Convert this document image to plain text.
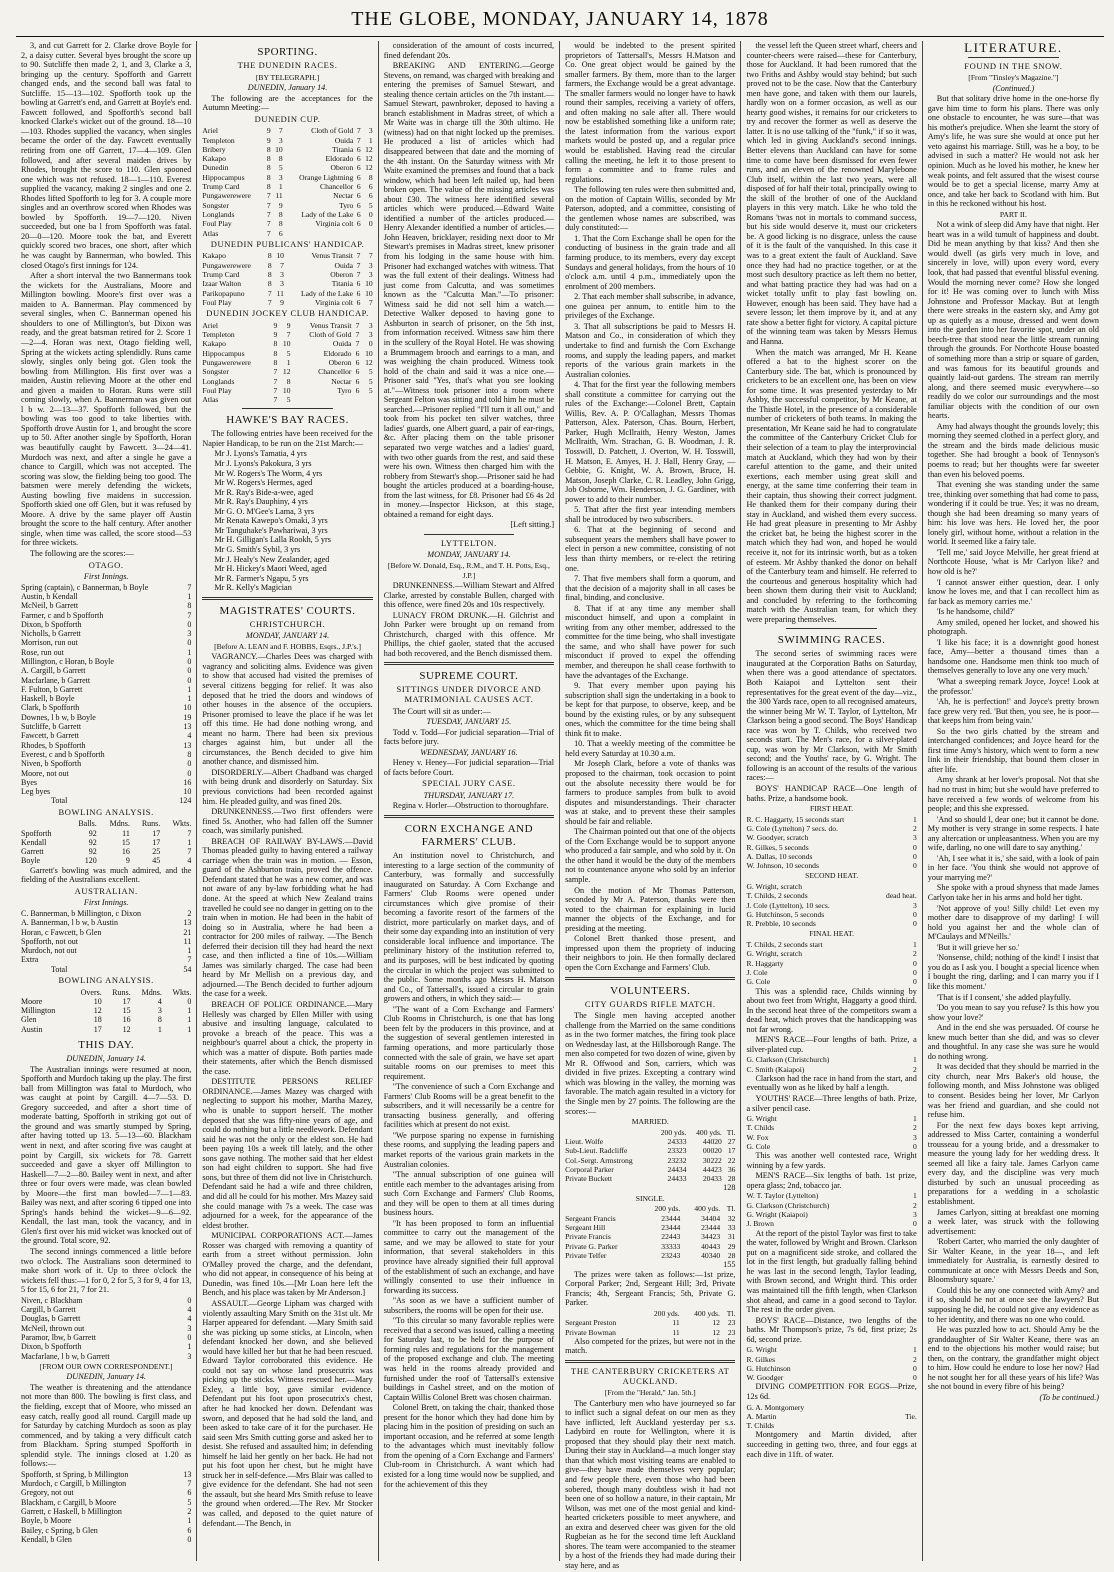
THE GLOBE, MONDAY, JANUARY 14, 1878

3, and cut Garrett for 2. Clarke drove Boyle for 2, a daisy cutter. Several byes brought the score up to 90. Sutcliffe then made 2, 1, and 3, Clarke a 3, bringing up the century. Spofforth and Garrett changed ends, and the second ball was fatal to Sutcliffe. 15—13—102. Spofforth took up the bowling at Garrett's end, and Garrett at Boyle's end. Fawcett followed, and Spofforth's second ball knocked Clarke's wicket out of the ground. 18—10—103. Rhodes supplied the vacancy, when singles became the order of the day. Fawcett eventually retiring from one off Garrett, 17—4—109. Glen followed, and after several maiden drives by Rhodes, brought the score to 110. Glen spooned one which was not refused. 18—1—110. Everest supplied the vacancy, making 2 singles and one 2. Rhodes lifted Spofforth to leg for 3. A couple more singles and an overthrow scored when Rhodes was bowled by Spofforth. 19—7—120. Niven succeeded, but one ba l from Spofforth was fatal. 20—0—120. Moore took the bat, and Everett quickly scored two braces, one short, after which he was caught by Bannerman, who bowled. This closed Otago's first innings for 124.

After a short interval the two Bannermans took the wickets for the Australians, Moore and Millington bowling. Moore's first over was a maiden to A. Bannerman. Play commenced by several singles, when C. Bannerman opened his shoulders to one of Millington's, but Dixon was ready, and the great batsman retired for 2. Score 1—2—4. Horan was next, Otago fielding well, Spring at the wickets acting splendidly. Runs came slowly, singles only being got. Glen took the bowling from Millington. His first over was a maiden, Austin relieving Moore at the other end and given a maiden to Horan. Runs were still coming slowly, when A. Bannerman was given out l b w. 2—13—37. Spofforth followed, but the bowling was too good to take liberties with. Spofforth drove Austin for 1, and brought the score up to 50. After another single by Spofforth, Horan was beautifully caught by Fawcett. 3—24—41. Murdoch was next, and after a single he gave a chance to Cargill, which was not accepted. The scoring was slow, the fielding being too good. The batsmen were merely defending the wickets, Austing bowling five maidens in succession. Spofforth skied one off Glen, but it was refused by Moore. A drive by the same player off Austin brought the score to the half century. After another single, when time was called, the score stood—53 for three wickets.

The following are the scores:—

OTAGO.
First Innings.
Spring (captain), c Bannerman, b Boyle	7
Austin, b Kendall	1
McNeil, b Garrett	8
Farmer, c and b Spofforth	7
Dixon, b Spofforth	0
Nicholls, b Garrett	3
Morrison, run out	0
Rose, run out	1
Millington, c Horan, b Boyle	0
A. Cargill, b Garrett	0
Macfarlane, b Garrett	0
F. Fulton, b Garrett	1
Haskell, b Boyle	1
Clark, b Spofforth	10
Downes, l b w, b Boyle	19
Sutcliffe, b Garrett	13
Fawcett, b Garrett	4
Rhodes, b Spofforth	13
Everest, c and b Spofforth	8
Niven, b Spofforth	0
Moore, not out	0
Byes	16
Leg byes	10
Total	124
BOWLING ANALYSIS.
	Balls.	Mdns.	Runs.	Wkts.
Spofforth	92	11	17	7
Kendall	92	15	17	1
Garrett	92	16	25	7
Boyle	120	9	45	4

Garrett's bowling was much admired, and the fielding of the Australians excellent.

AUSTRALIAN.
First Innings.
C. Bannerman, b Millington, c Dixon	2
A. Bannerman, l b w, b Austin	13
Horan, c Fawcett, b Glen	21
Spofforth, not out	11
Murdoch, not out	1
Extra	7
Total	54
BOWLING ANALYSIS.
	Overs.	Runs.	Mdns.	Wkts.
Moore	10	17	4	0
Millington	12	15	3	1
Glen	18	16	8	1
Austin	17	12	1	1
THIS DAY.
DUNEDIN, January 14.

The Australian innings were resumed at noon, Spofforth and Murdoch taking up the play. The first ball from Millington was fatal to Murdoch, who was caught at point by Cargill. 4—7—53. D. Gregory succeeded, and after a short time of moderate batting, Spofforth in striking got out of the ground and was smartly stumped by Spring, after having totted up 13. 5—13—60. Blackham went in next, and after scoring five was caught at point by Cargill, six wickets for 78. Garrett succeeded and gave a skyer off Millington to Haskell—7—2—80. Bailey went in next, and after three or four overs were made, was clean bowled by Moore—the first man bowled—7—1—83. Bailey was next, and after scoring 6 tipped one into Spring's hands behind the wicket—9—6—92. Kendall, the last man, took the vacancy, and in Glen's first over his mid wicket was knocked out of the ground. Total score, 92.

The second innings commenced a little before two o'clock. The Australians soon determined to make short work of it. Up to three o'clock the wickets fell thus:—1 for 0, 2 for 5, 3 for 9, 4 for 13, 5 for 15, 6 for 21, 7 for 21.

Niven, c Blackham	0
Cargill, b Garrett	4
Douglas, b Garrett	4
McNeil, thrown out	3
Paramor, lbw, b Garrett	0
Dixon, b Spofforth	1
Macfarlane, l b w, b Garrett	3
[FROM OUR OWN CORRESPONDENT.]
DUNEDIN, January 14.

The weather is threatening and the attendance not more than 800. The bowling is first class, and the fielding, except that of Moore, who missed an easy catch, really good all round. Cargill made up for Saturday by catching Murdoch as soon as play commenced, and by taking a very difficult catch from Blackham. Spring stumped Spofforth in splendid style. The innings closed at 1.20 as follows:—

Spofforth, st Spring, b Millington	13
Murdoch, c Cargill, b Millington	7
Gregory, not out	6
Blackham, c Cargill, b Moore	5
Garrett, c Haskell, b Millington	2
Boyle, b Moore	1
Bailey, c Spring, b Glen	6
Kendall, b Glen	0
SPORTING.
THE DUNEDIN RACES.
[BY TELEGRAPH.]
DUNEDIN, January 14.

The following are the acceptances for the Autumn Meeting:—

DUNEDIN CUP.
Ariel	9	7	Cloth of Gold	7	3
Templeton	9	3	Ouida	7	1
Bribery	8	10	Titania	6	12
Kakapo	8	8	Eldorado	6	12
Dunedin	8	5	Oberon	6	12
Hippocampus	8	3	Orange Lightning	6	8
Trump Card	8	1	Chancellor	6	6
Pungawerewere	7	11	Nectar	6	6
Songster	7	9	Tyro	6	5
Longlands	7	8	Lady of the Lake	6	0
Foul Play	7	8	Virginia colt	6	0
Atlas	7	6			
DUNEDIN PUBLICANS' HANDICAP.
Kakapo	8	10	Venus Transit	7	7
Pungawerewere	8	7	Ouida	7	3
Trump Card	8	3	Oberon	7	3
Izaar Walton	8	3	Titania	6	10
Parikopapuno	7	11	Lady of the Lake	6	10
Foul Play	7	9	Virginia colt	6	7
DUNEDIN JOCKEY CLUB HANDICAP.
Ariel	9	9	Venus Transit	7	3
Templeton	9	7	Cloth of Gold	7	3
Kakapo	8	10	Ouida	7	0
Hippocampus	8	5	Eldorado	6	10
Pungawerewere	8	1	Oberon	6	12
Songster	7	12	Chancellor	6	5
Longlands	7	8	Nectar	6	5
Foul Play	7	10	Tyro	6	5
Atlas	7	5			
HAWKE'S BAY RACES.

The following entries have been received for the Napier Handicap, to be run on the 21st March:—

Mr J. Lyons's Tamatia, 4 yrs
Mr J. Lyons's Pakokura, 3 yrs
Mr W. Rogers's The Worm, 4 yrs
Mr W. Rogers's Hermes, aged
Mr R. Ray's Bide-a-wee, aged
Mr R. Ray's Dauphiny, 4 yrs
Mr G. O. M'Gee's Lama, 3 yrs
Mr Renata Kawepo's Omaki, 3 yrs
Mr Tanguhake's Pawhariwai, 3 yrs
Mr H. Gilligan's Lalla Rookh, 5 yrs
Mr G. Smith's Sybil, 3 yrs
Mr J. Healy's New Zealander, aged
Mr H. Hickey's Maori Weed, aged
Mr R. Farmer's Ngapu, 5 yrs
Mr R. Kelly's Magician
MAGISTRATES' COURTS.
CHRISTCHURCH.
MONDAY, JANUARY 14.
[Before A. LEAN and F. HOBBS, Esqrs., J.P.'s.]

VAGRANCY.—Charles Dees was charged with vagrancy and soliciting alms. Evidence was given to show that accused had visited the premises of several citizens begging for relief. It was also deposed that he tried the doors and windows of other houses in the absence of the occupiers. Prisoner promised to leave the place if he was let off this time. He had done nothing wrong, and meant no harm. There had been six previous charges against him, but under all the circumstances, the Bench decided to give him another chance, and dismissed him.

DISORDERLY.—Albert Chadband was charged with being drunk and disorderly on Saturday. Six previous convictions had been recorded against him. He pleaded guilty, and was fined 20s.

DRUNKENNESS.—Two first offenders were fined 5s. Another, who had fallen off the Sumner coach, was similarly punished.

BREACH OF RAILWAY BY-LAWS.—David Thomas pleaded guilty to having entered a railway carriage when the train was in motion. — Esson, guard of the Ashburton train, proved the offence. Defendant stated that he was a new comer, and was not aware of any by-law forbidding what he had done. At the speed at which New Zealand trains travelled he could see no danger in getting on to the train when in motion. He had been in the habit of doing so in Australia, where he had been a contractor for 200 miles of railway. —The Bench deferred their decision till they had heard the next case, and then inflicted a fine of 10s.—William James was similarly charged. The case had been heard by Mr Mellish on a previous day, and adjourned.—The Bench decided to further adjourn the case for a week.

BREACH OF POLICE ORDINANCE.—Mary Hellesly was charged by Ellen Miller with using abusive and insulting language, calculated to provoke a breach of the peace. This was a neighbour's quarrel about a chick, the property in which was a matter of dispute. Both parties made their statements, after which the Bench dismissed the case.

DESTITUTE PERSONS RELIEF ORDINANCE.—James Mazey was charged with neglecting to support his mother, Martha Mazey, who is unable to support herself. The mother deposed that she was fifty-nine years of age, and could do nothing but a little needlework. Defendant said he was not the only or the eldest son. He had been paying 10s a week till lately, and the other sons gave nothing. The mother said that her eldest son had eight children to support. She had five sons, but three of them did not live in Christchurch. Defendant said he had a wife and three children, and did all he could for his mother. Mrs Mazey said she could manage with 7s a week. The case was adjourned for a week, for the appearance of the eldest brother.

MUNICIPAL CORPORATIONS ACT.—James Rosser was charged with removing a quantity of earth from a street without permission. John O'Malley proved the charge, and the defendant, who did not appear, in consequence of his being at Dunedin, was fined 10s.—[Mr Loan here left the Bench, and his place was taken by Mr Anderson.]

ASSAULT.—George Lipham was charged with violently assaulting Mary Smith on the 31st ult. Mr Harper appeared for defendant. —Mary Smith said she was picking up some sticks, at Lincoln, when defendant knocked her down, and she believed would have killed her but that he had been rescued. Edward Taylor corroborated this evidence. He could not say on whose land prosecutrix was picking up the sticks. Witness rescued her.—Mary Exley, a little boy, gave similar evidence. Defendant put his foot upon prosecutrix's chest, after he had knocked her down. Defendant was sworn, and deposed that he had sold the land, and been asked to take care of it for the purchaser. He said seen Mrs Smith cutting gorse and asked her to desist. She refused and assaulted him; in defending himself he laid her gently on her back. He had not put his foot upon her chest, but he might have struck her in self-defence.—Mrs Blair was called to give evidence for the defendant. She had not seen the assault, but she heard Mrs Smith refuse to leave the ground when ordered.—The Rev. Mr Stocker was called, and deposed to the quiet nature of defendant.—The Bench, in

consideration of the amount of costs incurred, fined defendant 20s.

BREAKING AND ENTERING.—George Stevens, on remand, was charged with breaking and entering the premises of Samuel Stewart, and stealing thence certain articles on the 7th instant.—Samuel Stewart, pawnbroker, deposed to having a branch establishment in Madras street, of which a Mr Waite was in charge till the 30th ultimo. He (witness) had on that night locked up the premises. He produced a list of articles which had disappeared between that date and the morning of the 4th instant. On the Saturday witness with Mr Waite examined the premises and found that a back window, which had been left nailed up, had been broken open. The value of the missing articles was about £30. The witness here identified several articles which were produced.—Edward Waite identified a number of the articles produced.—Henry Alexander identified a number of articles.—John Heaven, bricklayer, residing next door to Mr Stewart's premises in Madras street, knew prisoner from his lodging in the same house with him. Prisoner had exchanged watches with witness. That was the full extent of their dealings. Witness had just come from Calcutta, and was sometimes known as the "Calcutta Man."—To prisoner: Witness said he did not sell him a watch.—Detective Walker deposed to having gone to Ashburton in search of prisoner, on the 5th inst, from information received. Witness saw him there in the scullery of the Royal Hotel. He was showing a Brummagem brooch and earrings to a man, and was weighing the chain produced. Witness took hold of the chain and said it was a nice one.—Prisoner said "Yes, that's what you see looking at."—Witness took prisoner into a room where Sergeant Felton was sitting and told him he must be searched.—Prisoner replied "I'll turn it all out," and took from his pocket ten silver watches, three ladies' guards, one Albert guard, a pair of ear-rings, &c. After placing them on the table prisoner separated two verge watches and a ladies' guard, with two other guards from the rest, and said these were his own. Witness then charged him with the robbery from Stewart's shop.—Prisoner said he had bought the articles produced at a boarding-house, from the last witness, for £8. Prisoner had £6 4s 2d in money.—Inspector Hickson, at this stage, obtained a remand for eight days.

[Left sitting.]
LYTTELTON.
MONDAY, JANUARY 14.
[Before W. Donald, Esq., R.M., and T. H. Potts, Esq., J.P.]

DRUNKENNESS.—William Stewart and Alfred Clarke, arrested by constable Bullen, charged with this offence, were fined 20s and 10s respectively.

LUNACY FROM DRUNK.—H. Gilchrist and John Parker were brought up on remand from Christchurch, charged with this offence. Mr Phillips, the chief gaoler, stated that the accused had both recovered, and the Bench dismissed them.

SUPREME COURT.
SITTINGS UNDER DIVORCE AND MATRIMONIAL CAUSES ACT.

The Court will sit as under:—

TUESDAY, JANUARY 15.

Todd v. Todd—For judicial separation—Trial of facts before jury.

WEDNESDAY, JANUARY 16.

Heney v. Heney—For judicial separation—Trial of facts before Court.

SPECIAL JURY CASE.
THURSDAY, JANUARY 17.

Regina v. Horler—Obstruction to thoroughfare.

CORN EXCHANGE AND FARMERS' CLUB.

An institution novel to Christchurch, and interesting to a large section of the community of Canterbury, was formally and successfully inaugurated on Saturday. A Corn Exchange and Farmers' Club Rooms were opened under circumstances which give promise of their becoming a favorite resort of the farmers of the district, more particularly on market days, and of their some day expanding into an institution of very considerable local influence and importance. The preliminary history of the institution referred to, and its purposes, will be best indicated by quoting the circular in which the project was submitted to the public. Some months ago Messrs H. Matson and Co., of Tattersall's, issued a circular to grain growers and others, in which they said:—

"The want of a Corn Exchange and Farmers' Club Rooms in Christchurch, is one that has long been felt by the producers in this province, and at the suggestion of several gentlemen interested in farming operations, and more particularly those connected with the sale of grain, we have set apart suitable rooms on our premises to meet this requirement.

"The convenience of such a Corn Exchange and Farmers' Club Rooms will be a great benefit to the subscribers, and it will necessarily be a centre for transacting business generally, and offering facilities which at present do not exist.

"We purpose sparing no expense in furnishing these rooms, and supplying the leading papers and market reports of the various grain markets in the Australian colonies.

"The annual subscription of one guinea will entitle each member to the advantages arising from such Corn Exchange and Farmers' Club Rooms, and they will be open to them at all times during business hours.

"It has been proposed to form an influential committee to carry out the management of the same, and we may be allowed to state for your information, that several stakeholders in this province have already signified their full approval of the establishment of such an exchange, and have willingly consented to use their influence in forwarding its success.

"As soon as we have a sufficient number of subscribers, the rooms will be open for their use.

"To this circular so many favorable replies were received that a second was issued, calling a meeting for Saturday last, to be held for the purpose of forming rules and regulations for the management of the proposed exchange and club. The meeting was held in the rooms already provided and furnished under the roof of Tattersall's extensive buildings in Cashel street, and on the motion of Captain Willis Colonel Brett was chosen chairman.

Colonel Brett, on taking the chair, thanked those present for the honor which they had done him by placing him in the position of presiding on such an important occasion, and he referred at some length to the advantages which must inevitably follow from the opening of a Corn Exchange and Farmers' Club-room in Christchurch. A want which had existed for a long time would now be supplied, and for the achievement of this they

would be indebted to the present spirited proprietors of Tattersall's, Messrs H.Matson and Co. One great object would be gained by the smaller farmers. By them, more than to the larger farmers, the Exchange would be a great advantage. The smaller farmers would no longer have to hawk round their samples, receiving a variety of offers, and often making no sale after all. There would now be established something like a uniform rate; the latest information from the various export markets would be posted up, and a regular price would be established. Having read the circular calling the meeting, he left it to those present to form a committee and to frame rules and regulations.

The following ten rules were then submitted and, on the motion of Captain Willis, seconded by Mr Paterson, adopted, and a committee, consisting of the gentlemen whose names are subscribed, was duly constituted:—

1. That the Corn Exchange shall be open for the conducting of business in the grain trade and all farming produce, to its members, every day except Sundays and general holidays, from the hours of 10 o'clock a.m. until 4 p.m., immediately upon the enrolment of 200 members.

2. That each member shall subscribe, in advance, one guinea per annum, to entitle him to the privileges of the Exchange.

3. That all subscriptions be paid to Messrs H. Matson and Co., in consideration of which they undertake to find and furnish the Corn Exchange rooms, and supply the leading papers, and market reports of the various grain markets in the Australian colonies.

4. That for the first year the following members shall constitute a committee for carrying out the rules of the Exchange:—Colonel Brett, Captain Willis, Rev. A. P. O'Callaghan, Messrs Thomas Patterson, Alex. Paterson, Chas. Bourn, Herbert, Parker, Hugh McIlraith, Henry Weston, James McIlraith, Wm. Strachan, G. B. Woodman, J. R. Tosswill, D. Patchett, J. Overton, W. H. Tosswill, H. Matson, E. Amyes, H. J. Hall, Henry Gray, — Gebbie, G. Knight, W. A. Brown, Bruce, H. Matson, Joseph Clarke, C. R. Leadley, John Grigg, Job Osborne, Wm. Henderson, J. G. Gardiner, with power to add to their number.

5. That after the first year intending members shall be introduced by two subscribers.

6. That at the beginning of second and subsequent years the members shall have power to elect in person a new committee, consisting of not less than thirty members, or re-elect the retiring one.

7. That five members shall form a quorum, and that the decision of a majority shall in all cases be final, binding, and conclusive.

8. That if at any time any member shall misconduct himself, and upon a complaint in writing from any other member, addressed to the committee for the time being, who shall investigate the same, and who shall have power for such misconduct if proved to expel the offending member, and thereupon he shall cease forthwith to have the advantages of the Exchange.

9. That every member upon paying his subscription shall sign the undertaking in a book to be kept for that purpose, to observe, keep, and be bound by the existing rules, or by any subsequent ones, which the committee for the time being shall think fit to make.

10. That a weekly meeting of the committee be held every Saturday at 10.30 a.m.

Mr Joseph Clark, before a vote of thanks was proposed to the chairman, took occasion to point out the absolute necessity there would be for farmers to produce samples from bulk to avoid disputes and misunderstandings. Their character was at stake, and to prevent these their samples should be fair and reliable.

The Chairman pointed out that one of the objects of the Corn Exchange would be to support anyone who produced a fair sample, and who sold by it. On the other hand it would be the duty of the members not to countenance anyone who sold by an inferior sample.

On the motion of Mr Thomas Patterson, seconded by Mr A. Paterson, thanks were then voted to the chairman for explaining in lucid manner the objects of the Exchange, and for presiding at the meeting.

Colonel Brett thanked those present, and impressed upon them the propriety of inducing their neighbors to join. He then formally declared open the Corn Exchange and Farmers' Club.

VOLUNTEERS.
CITY GUARDS RIFLE MATCH.

The Single men having accepted another challenge from the Married on the same conditions as in the two former matches, the firing took place on Wednesday last, at the Hillsborough Range. The men also competed for two dozen of wine, given by Mr R. Offwood and Son, carriers, which was divided in five prizes. Excepting a contrary wind which was blowing in the valley, the morning was favorable. The match again resulted in a victory for the Single men by 27 points. The following are the scores:—

MARRIED.
	200 yds.	400 yds.	Tl.
Lieut. Wolfe	24333	44020	27
Sub-Lieut. Radcliffe	23323	00020	17
Col.-Sergt. Armstrong	23232	30222	22
Corporal Parker	24434	44423	36
Private Buckett	24433	20433	28
128
SINGLE.
	200 yds.	400 yds.	Tl.
Sergeant Francis	23444	34404	32
Sergeant Hill	23444	23444	33
Private Francis	22443	34423	31
Private G. Parker	33333	40443	29
Private Telfer	23243	40340	28
155

The prizes were taken as follows:—1st prize, Corporal Parker; 2nd, Sergeant Hill; 3rd, Private Francis; 4th, Sergeant Francis; 5th, Private G. Parker.

	200 yds.	400 yds.	Tl.
Sergeant Preston	11	12	23
Private Bowman	11	12	23

Also competed for the prizes, but were not in the match.

THE CANTERBURY CRICKETERS AT AUCKLAND.
[From the "Herald," Jan. 5th.]

The Canterbury men who have journeyed so far to inflict such a signal defeat on our men as they have inflicted, left Auckland yesterday per s.s. Ladybird en route for Wellington, where it is proposed that they should play their next match. During their stay in Auckland—a much longer stay than that which most visiting teams are enabled to give—they have made themselves very popular; and few people there, even those who had been sobered, though many doubtless wish it had not been one of so hollow a nature, in their captain, Mr Wilson, was met one of the most genial and kind-hearted cricketers possible to meet anywhere, and an extra and deserved cheer was given for the old Rugbeian as he for the second time left Auckland shores. The team were accompanied to the steamer by a host of the friends they had made during their stay here, and as

the vessel left the Queen street wharf, cheers and counter-cheers were raised—these for Canterbury, those for Auckland. It had been rumored that the two Friths and Ashby would stay behind; but such proved not to be the case. Now that the Canterbury men have gone, and taken with them our laurels, hardly won on a former occasion, as well as our hearty good wishes, it remains for our cricketers to try and recover the former as well as deserve the latter. It is no use talking of the "funk," if so it was, which led in giving Auckland's second innings. Better elevens than Auckland can have for some time to come have been dismissed for even fewer runs, and an eleven of the renowned Marylebone Club itself, within the last two years, were all disposed of for half their total, principally owing to the skill of the brother of one of the Auckland players in this very match. Like he who told the Romans 'twas not in mortals to command success, but his side would deserve it, must our cricketers be. A good licking is no disgrace, unless the cause of it is the fault of the vanquished. In this case it was to a great extent the fault of Auckland. Save once they had had no practice together, or at the most such desultory practice as left them no better, and what batting practice they had was had on a wicket totally unfit to play fast bowling on. However, enough has been said. They have had a severe lesson; let them improve by it, and at any rate show a better fight for victory. A capital picture of the winning team was taken by Messrs Hemus and Hanna.

When the match was arranged, Mr H. Keane offered a bat to the highest scorer on the Canterbury side. The bat, which is pronounced by cricketers to be an excellent one, has been on view for some time. It was presented yesterday to Mr Ashby, the successful competitor, by Mr Keane, at the Thistle Hotel, in the presence of a considerable number of cricketers of both teams. In making the presentation, Mr Keane said he had to congratulate the committee of the Canterbury Cricket Club for their selection of a team to play the interprovincial match at Auckland, which they had won by their careful attention to the game, and their united exertions, each member using great skill and energy, at the same time conferring their team in their captain, thus showing their correct judgment. He thanked them for their company during their stay in Auckland, and wished them every success. He had great pleasure in presenting to Mr Ashby the cricket bat, he being the highest scorer in the match which they had won, and hoped he would receive it, not for its intrinsic worth, but as a token of esteem. Mr Ashby thanked the donor on behalf of the Canterbury team and himself. He referred to the courteous and generous hospitality which had been shown them during their visit to Auckland; and concluded by referring to the forthcoming match with the Australian team, for which they were preparing themselves.

SWIMMING RACES.

The second series of swimming races were inaugurated at the Corporation Baths on Saturday, when there was a good attendance of spectators. Both Kaiapoi and Lyttelton sent their representatives for the great event of the day—viz., the 300 Yards race, open to all recognised amateurs, the winner being Mr W. T. Taylor, of Lyttelton, Mr Clarkson being a good second. The Boys' Handicap race was won by T. Childs, who received two seconds start. The Men's race, for a silver-plated cup, was won by Mr Clarkson, with Mr Smith second; and the Youths' race, by G. Wright. The following is an account of the results of the various races:—

BOYS' HANDICAP RACE—One length of baths. Prize, a handsome book.

FIRST HEAT.
R. C. Haggarty, 15 seconds start	1
G. Cole (Lyttelton) 7 secs. do.	2
W. Goodyer, scratch	3
R. Gilkes, 5 seconds	0
A. Dallas, 10 seconds	0
W. Johnson, 10 seconds	0
SECOND HEAT.
G. Wright, scratch	
T. Childs, 2 seconds	dead heat.
J. Cole (Lyttelton), 10 secs.	3
G. Hutchinson, 5 seconds	0
R. Prebble, 10 seconds	0
FINAL HEAT.
T. Childs, 2 seconds start	1
G. Wright, scratch	2
R. Haggarty	0
J. Cole	0
G. Cole	0

This was a splendid race, Childs winning by about two feet from Wright, Haggarty a good third. In the second heat three of the competitors swam a dead heat, which proves that the handicapping was not far wrong.

MEN'S RACE—Four lengths of bath. Prize, a silver-plated cup.

G. Clarkson (Christchurch)	1
C. Smith (Kaiapoi)	2

Clarkson had the race in hand from the start, and eventually won as he liked by half a length.

YOUTHS' RACE—Three lengths of bath. Prize, a silver pencil case.

G. Wright	1
T. Childs	2
W. Fox	3
G. Cole	0

This was another well contested race, Wright winning by a few yards.

MEN'S RACE—Six lengths of bath. 1st prize, opera glass; 2nd, tobacco jar.

W. T. Taylor (Lyttelton)	1
G. Clarkson (Christchurch)	2
G. Wright (Kaiapoi)	3
J. Brown	0

At the report of the pistol Taylor was first to take the water, followed by Wright and Brown. Clarkson put on a magnificent side stroke, and collared the lot in the first length, but gradually falling behind he was last in the second length, Taylor leading, with Brown second, and Wright third. This order was maintained till the fifth length, when Clarkson shot ahead, and came in a good second to Taylor. The rest in the order given.

BOYS' RACE—Distance, two lengths of the baths. Mr Thompson's prize, 7s 6d, first prize; 2s 6d, second prize.

G. Wright	1
R. Gilkes	2
G. Hutchinson	0
W. Goodger	0

DIVING COMPETITION FOR EGGS—Prize, 12s 6d.

G. A. Montgomery	
A. Martin	Tie.
T. Childs	

Montgomery and Martin divided, after succeeding in getting two, three, and four eggs at each dive in 11ft. of water.

LITERATURE.
FOUND IN THE SNOW.
[From "Tinsley's Magazine."]
(Continued.)

But that solitary drive home in the one-horse fly gave him time to form his plans. There was only one obstacle to encounter, he was sure—that was his mother's prejudice. When she learnt the story of Amy's life, he was sure she would at once put her veto against his marriage. Still, was he a boy, to be advised in such a matter? He would not ask her opinion. Much as he loved his mother, he knew her weak points, and felt assured that the wisest course would be to get a special license, marry Amy at once, and take her back to Scotland with him. But in this he reckoned without his host.

PART II.

Not a wink of sleep did Amy have that night. Her heart was in a wild tumult of happiness and doubt. Did he mean anything by that kiss? And then she would dwell (as girls very much in love, and sincerely in love, will) upon every word, every look, that had passed that eventful blissful evening. Would the morning never come? How she longed for it! He was coming over to lunch with Miss Johnstone and Professor Mackay. But at length there were streaks in the eastern sky, and Amy got up as quietly as a mouse, dressed and went down into the garden into her favorite spot, under an old beech-tree that stood near the little stream running through the grounds. For Northcote House boasted of something more than a strip or square of garden, and was famous for its beautiful grounds and quaintly laid-out gardens. The stream ran merrily along, and there seemed music everywhere—so readily do we color our surroundings and the most familiar objects with the condition of our own hearts.

Amy had always thought the grounds lovely; this morning they seemed clothed in a perfect glory, and the stream and the birds made delicious music together. She had brought a book of Tennyson's poems to read; but her thoughts were far sweeter than even his beloved poems.

That evening she was standing under the same tree, thinking over something that had come to pass, wondering if it could be true. Yes; it was no dream, though she had been dreaming so many years of him: his love was hers. He loved her, the poor lonely girl, without home, without a relation in the world. It seemed like a fairy tale.

'Tell me,' said Joyce Melville, her great friend at Northcote House, 'what is Mr Carlyon like? and how old is he?'

'I cannot answer either question, dear. I only know he loves me, and that I can recollect him as far back as memory carries me.'

'Is he handsome, child?'

Amy smiled, opened her locket, and showed his photograph.

'I like his face; it is a downright good honest face, Amy—better a thousand times than a handsome one. Handsome men think too much of themselves generally to love any one very much.'

'What a sweeping remark Joyce, Joyce! Look at the professor.'

'Ah, he is perfection!' and Joyce's pretty brown face grew very red. 'But then, you see, he is poor—that keeps him from being vain.'

So the two girls chatted by the stream and interchanged confidences; and Joyce heard for the first time Amy's history, which went to form a new link in their friendship, that bound them closer in after life.

Amy shrank at her lover's proposal. Not that she had no trust in him; but she would have preferred to have received a few words of welcome from his people; and this she expressed.

'And so should I, dear one; but it cannot be done. My mother is very strange in some respects. I hate any altercation or unpleasantness. When you are my wife, darling, no one will dare to say anything.'

'Ah, I see what it is,' she said, with a look of pain in her face. 'You think she would not approve of your marrying me?'

She spoke with a proud shyness that made James Carlyon take her in his arms and hold her tight.

'Not approve of you! Silly child! Let even my mother dare to disapprove of my darling! I will hold you against her and the whole clan of M'Caulays and M'Neills.'

'But it will grieve her so.'

'Nonsense, child; nothing of the kind! I insist that you do as I ask you. I bought a special licence when I bought the ring, darling; and I can marry you if I like this moment.'

'That is if I consent,' she added playfully.

'Do you mean to say you refuse? Is this how you show your love?'

And in the end she was persuaded. Of course he knew much better than she did, and was so clever and thoughtful. In any case she was sure he would do nothing wrong.

It was decided that they should be married in the city church, near Mrs Baker's old house, the following month, and Miss Johnstone was obliged to consent. Besides being her lover, Mr Carlyon was her friend and guardian, and she could not refuse him.

For the next few days boxes kept arriving, addressed to Miss Carter, containing a wonderful trousseau for a young bride, and a dressmaker to measure the young lady for her wedding dress. It seemed all like a fairy tale. James Carlyon came every day, and the discipline was very much disturbed by such an unusual proceeding as preparations for a wedding in a scholastic establishment.

James Carlyon, sitting at breakfast one morning a week later, was struck with the following advertisement:

'Robert Carter, who married the only daughter of Sir Walter Keane, in the year 18—, and left immediately for Australia, is earnestly desired to communicate at once with Messrs Deeds and Son, Bloomsbury square.'

Could this be any one connected with Amy? and if so, should he not at once see the lawyers? But supposing he did, he could not give any evidence as to her identity, and there was no one who could.

He was puzzled how to act. Should Amy be the granddaughter of Sir Walter Keane, there was an end to the objections his mother would raise; but then, on the contrary, the grandfather might object to him. How could he endure to lose her now? Had he not sought her for all these years of his life? Was she not bound in every fibre of his being?

(To be continued.)
